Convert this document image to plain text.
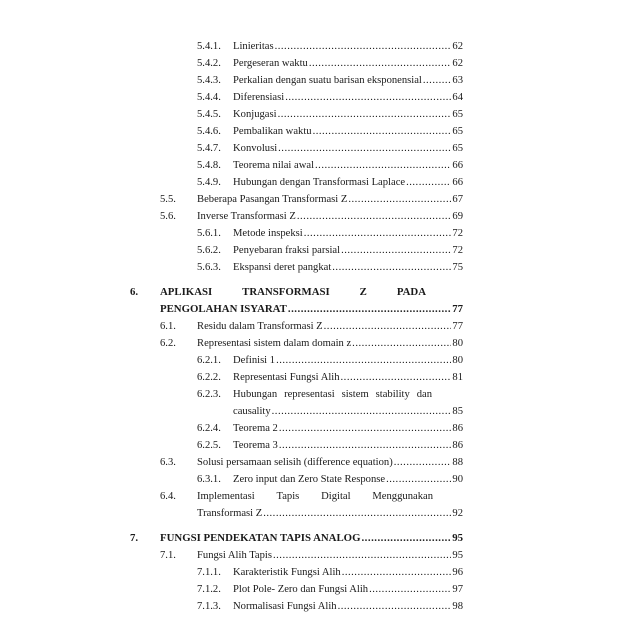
5.4.1. Linieritas .....	62
5.4.2. Pergeseran waktu .....	62
5.4.3. Perkalian dengan suatu barisan eksponensial .....	63
5.4.4. Diferensiasi .....	64
5.4.5. Konjugasi .....	65
5.4.6. Pembalikan waktu .....	65
5.4.7. Konvolusi .....	65
5.4.8. Teorema nilai awal .....	66
5.4.9. Hubungan dengan Transformasi Laplace .....	66
5.5. Beberapa Pasangan Transformasi Z .....	67
5.6. Inverse Transformasi Z .....	69
5.6.1. Metode inspeksi .....	72
5.6.2. Penyebaran fraksi parsial .....	72
5.6.3. Ekspansi deret pangkat .....	75
6. APLIKASI	TRANSFORMASI	Z	PADA
PENGOLAHAN ISYARAT .....	77
6.1. Residu dalam Transformasi Z .....	77
6.2. Representasi sistem dalam domain z .....	80
6.2.1. Definisi 1 .....	80
6.2.2. Representasi Fungsi Alih .....	81
6.2.3. Hubungan representasi sistem stability dan
causality .....	85
6.2.4. Teorema 2 .....	86
6.2.5. Teorema 3 .....	86
6.3. Solusi persamaan selisih (difference equation) .....	88
6.3.1. Zero input dan Zero State Response .....	90
6.4. Implementasi Tapis Digital Menggunakan
Transformasi Z .....	92
7. FUNGSI PENDEKATAN TAPIS ANALOG .....	95
7.1. Fungsi Alih Tapis .....	95
7.1.1. Karakteristik Fungsi Alih .....	96
7.1.2. Plot Pole- Zero dan Fungsi Alih .....	97
7.1.3. Normalisasi Fungsi Alih .....	98
